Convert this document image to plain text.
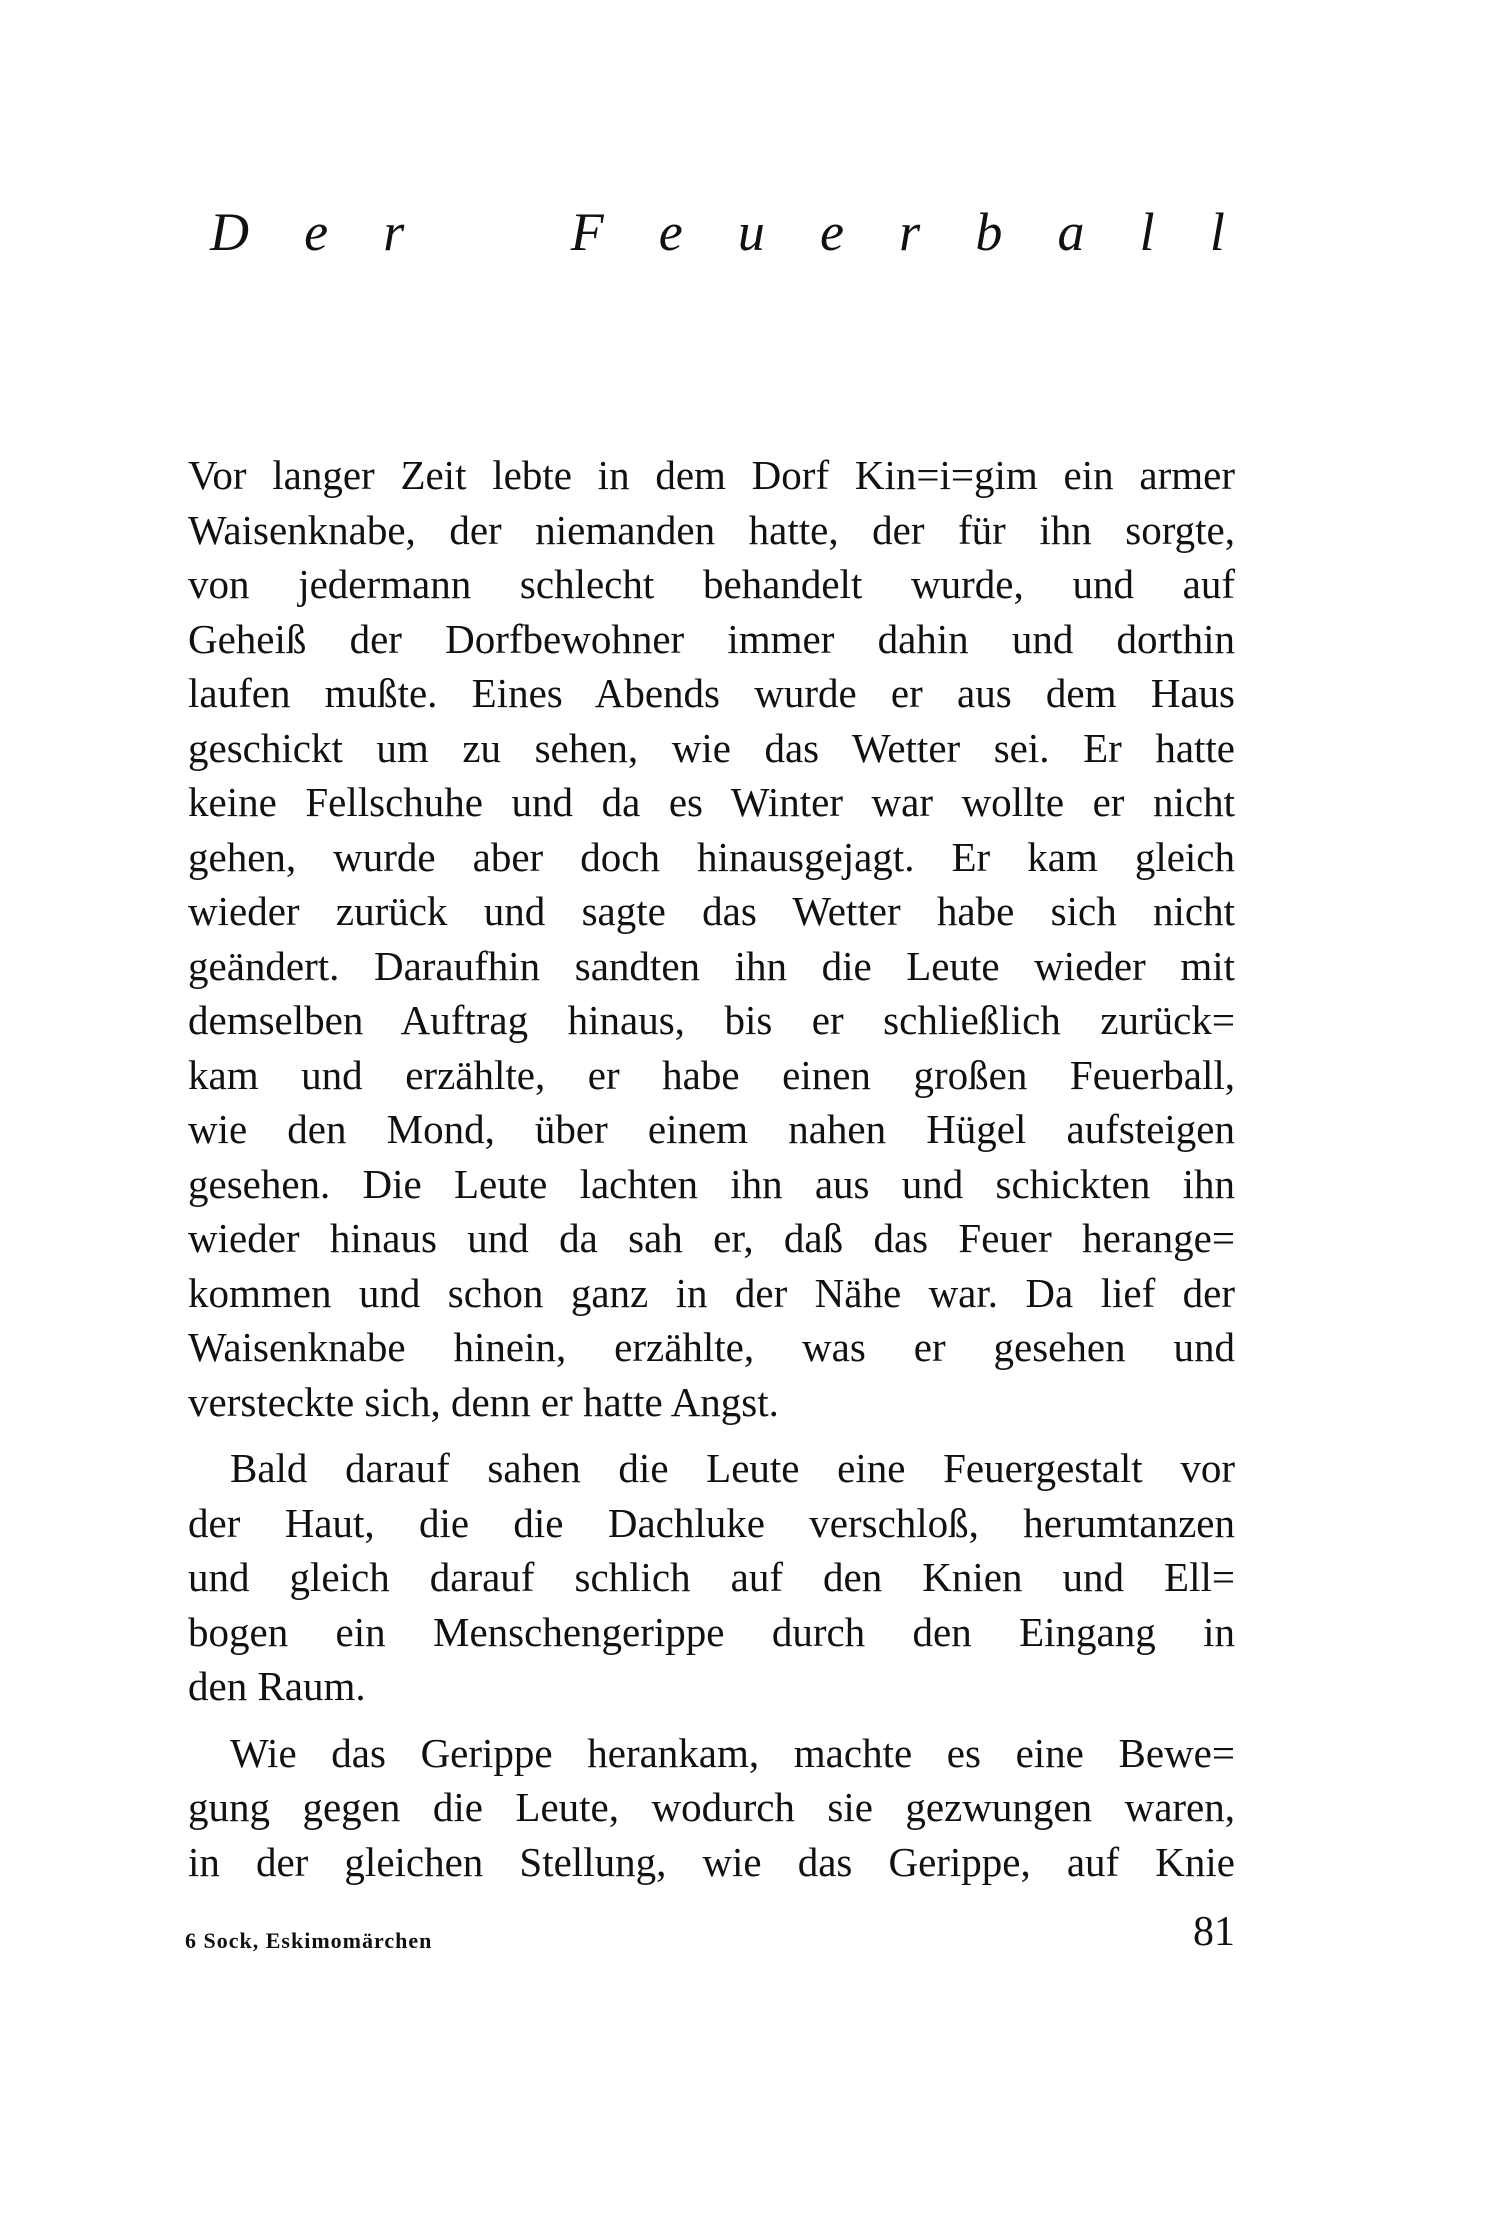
D e r	F e u e r b a l l

Vor langer Zeit lebte in dem Dorf Kin=i=gim ein armer
Waisenknabe, der niemanden hatte, der für ihn sorgte,
von jedermann schlecht behandelt wurde, und auf
Geheiß der Dorfbewohner immer dahin und dorthin
laufen mußte. Eines Abends wurde er aus dem Haus
geschickt um zu sehen, wie das Wetter sei. Er hatte
keine Fellschuhe und da es Winter war wollte er nicht
gehen, wurde aber doch hinausgejagt. Er kam gleich
wieder zurück und sagte das Wetter habe sich nicht
geändert. Daraufhin sandten ihn die Leute wieder mit
demselben Auftrag hinaus, bis er schließlich zurück=
kam und erzählte, er habe einen großen Feuerball,
wie den Mond, über einem nahen Hügel aufsteigen
gesehen. Die Leute lachten ihn aus und schickten ihn
wieder hinaus und da sah er, daß das Feuer herange=
kommen und schon ganz in der Nähe war. Da lief der
Waisenknabe hinein, erzählte, was er gesehen und
versteckte sich, denn er hatte Angst.

Bald darauf sahen die Leute eine Feuergestalt vor
der Haut, die die Dachluke verschloß, herumtanzen
und gleich darauf schlich auf den Knien und Ell=
bogen ein Menschengerippe durch den Eingang in
den Raum.

Wie das Gerippe herankam, machte es eine Bewe=
gung gegen die Leute, wodurch sie gezwungen waren,
in der gleichen Stellung, wie das Gerippe, auf Knie

6 Sock, Eskimomärchen	81
